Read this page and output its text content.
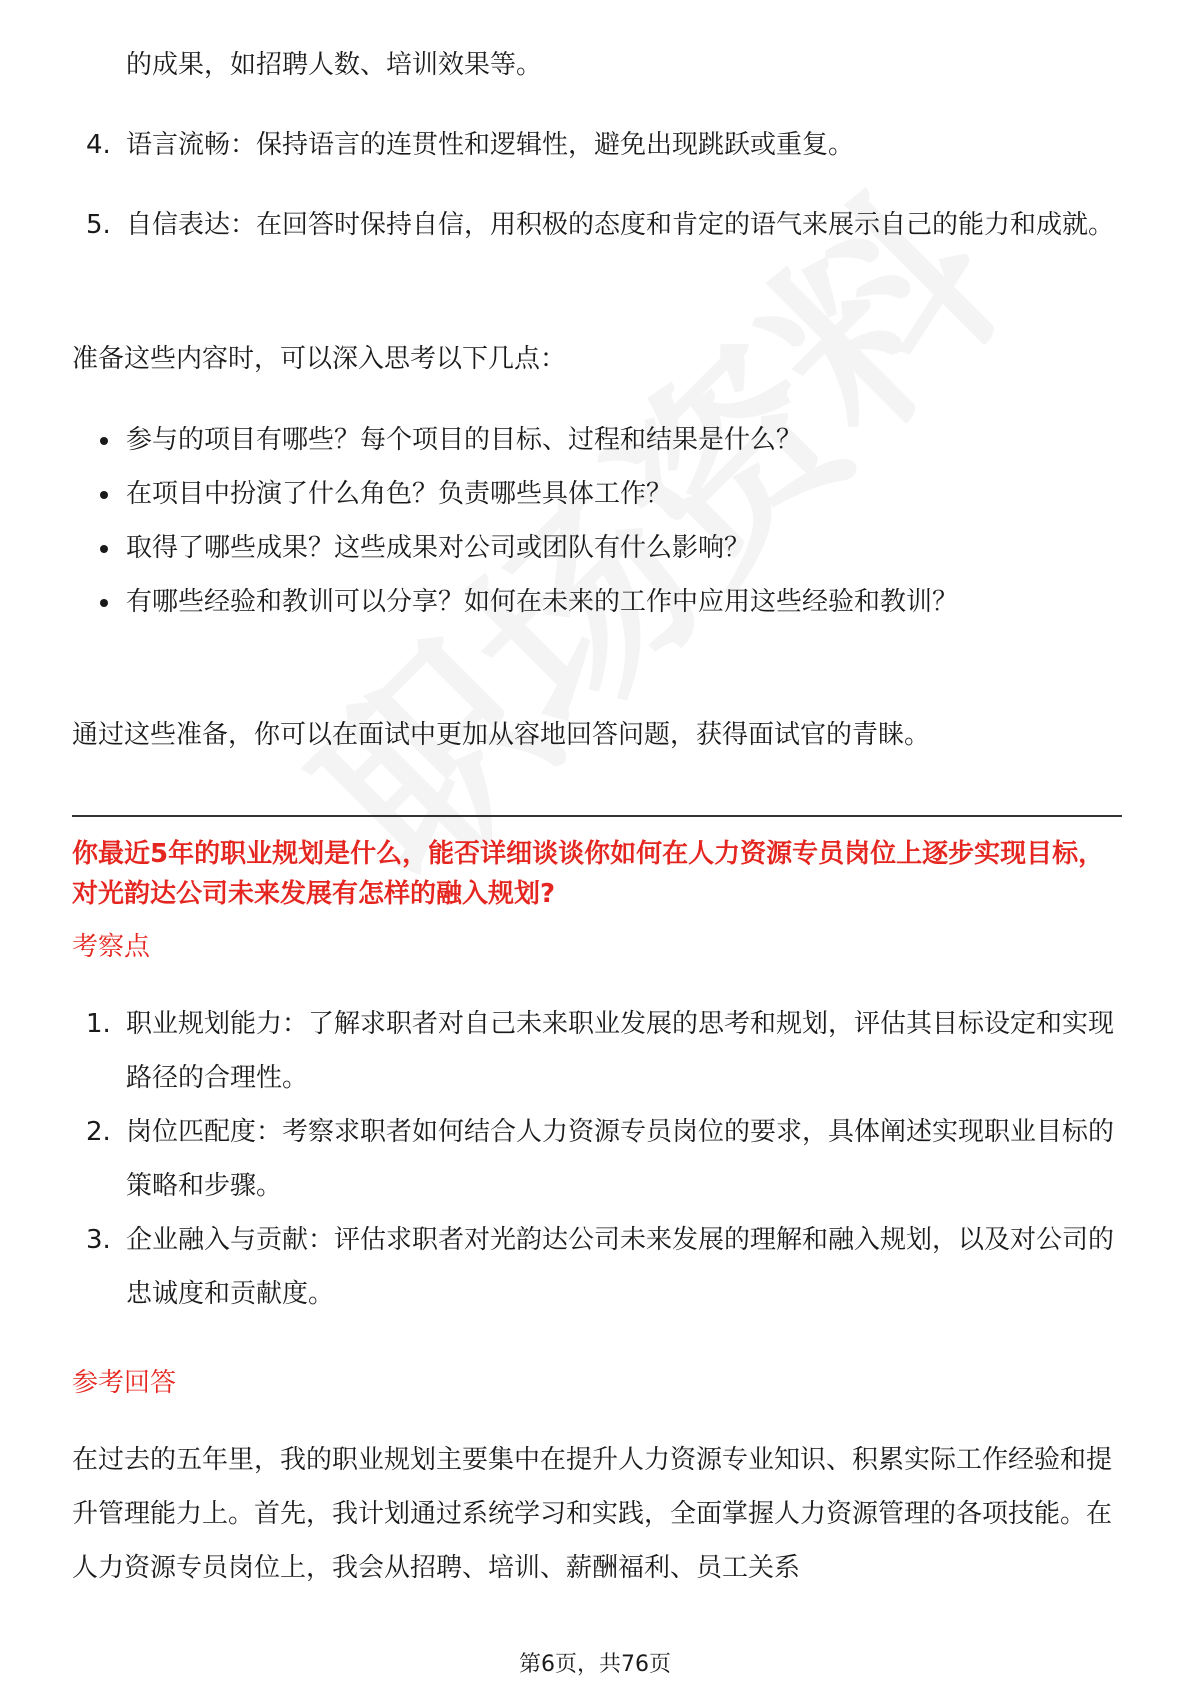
的成果，如招聘人数、培训效果等。
4. 语言流畅：保持语言的连贯性和逻辑性，避免出现跳跃或重复。
5. 自信表达：在回答时保持自信，用积极的态度和肯定的语气来展示自己的能力和成就。
准备这些内容时，可以深入思考以下几点：
参与的项目有哪些？每个项目的目标、过程和结果是什么？
在项目中扮演了什么角色？负责哪些具体工作？
取得了哪些成果？这些成果对公司或团队有什么影响？
有哪些经验和教训可以分享？如何在未来的工作中应用这些经验和教训？
通过这些准备，你可以在面试中更加从容地回答问题，获得面试官的青睐。
你最近5年的职业规划是什么，能否详细谈谈你如何在人力资源专员岗位上逐步实现目标，对光韵达公司未来发展有怎样的融入规划?
考察点
1. 职业规划能力：了解求职者对自己未来职业发展的思考和规划，评估其目标设定和实现路径的合理性。
2. 岗位匹配度：考察求职者如何结合人力资源专员岗位的要求，具体阐述实现职业目标的策略和步骤。
3. 企业融入与贡献：评估求职者对光韵达公司未来发展的理解和融入规划，以及对公司的忠诚度和贡献度。
参考回答
在过去的五年里，我的职业规划主要集中在提升人力资源专业知识、积累实际工作经验和提升管理能力上。首先，我计划通过系统学习和实践，全面掌握人力资源管理的各项技能。在人力资源专员岗位上，我会从招聘、培训、薪酬福利、员工关系
第6页，共76页
